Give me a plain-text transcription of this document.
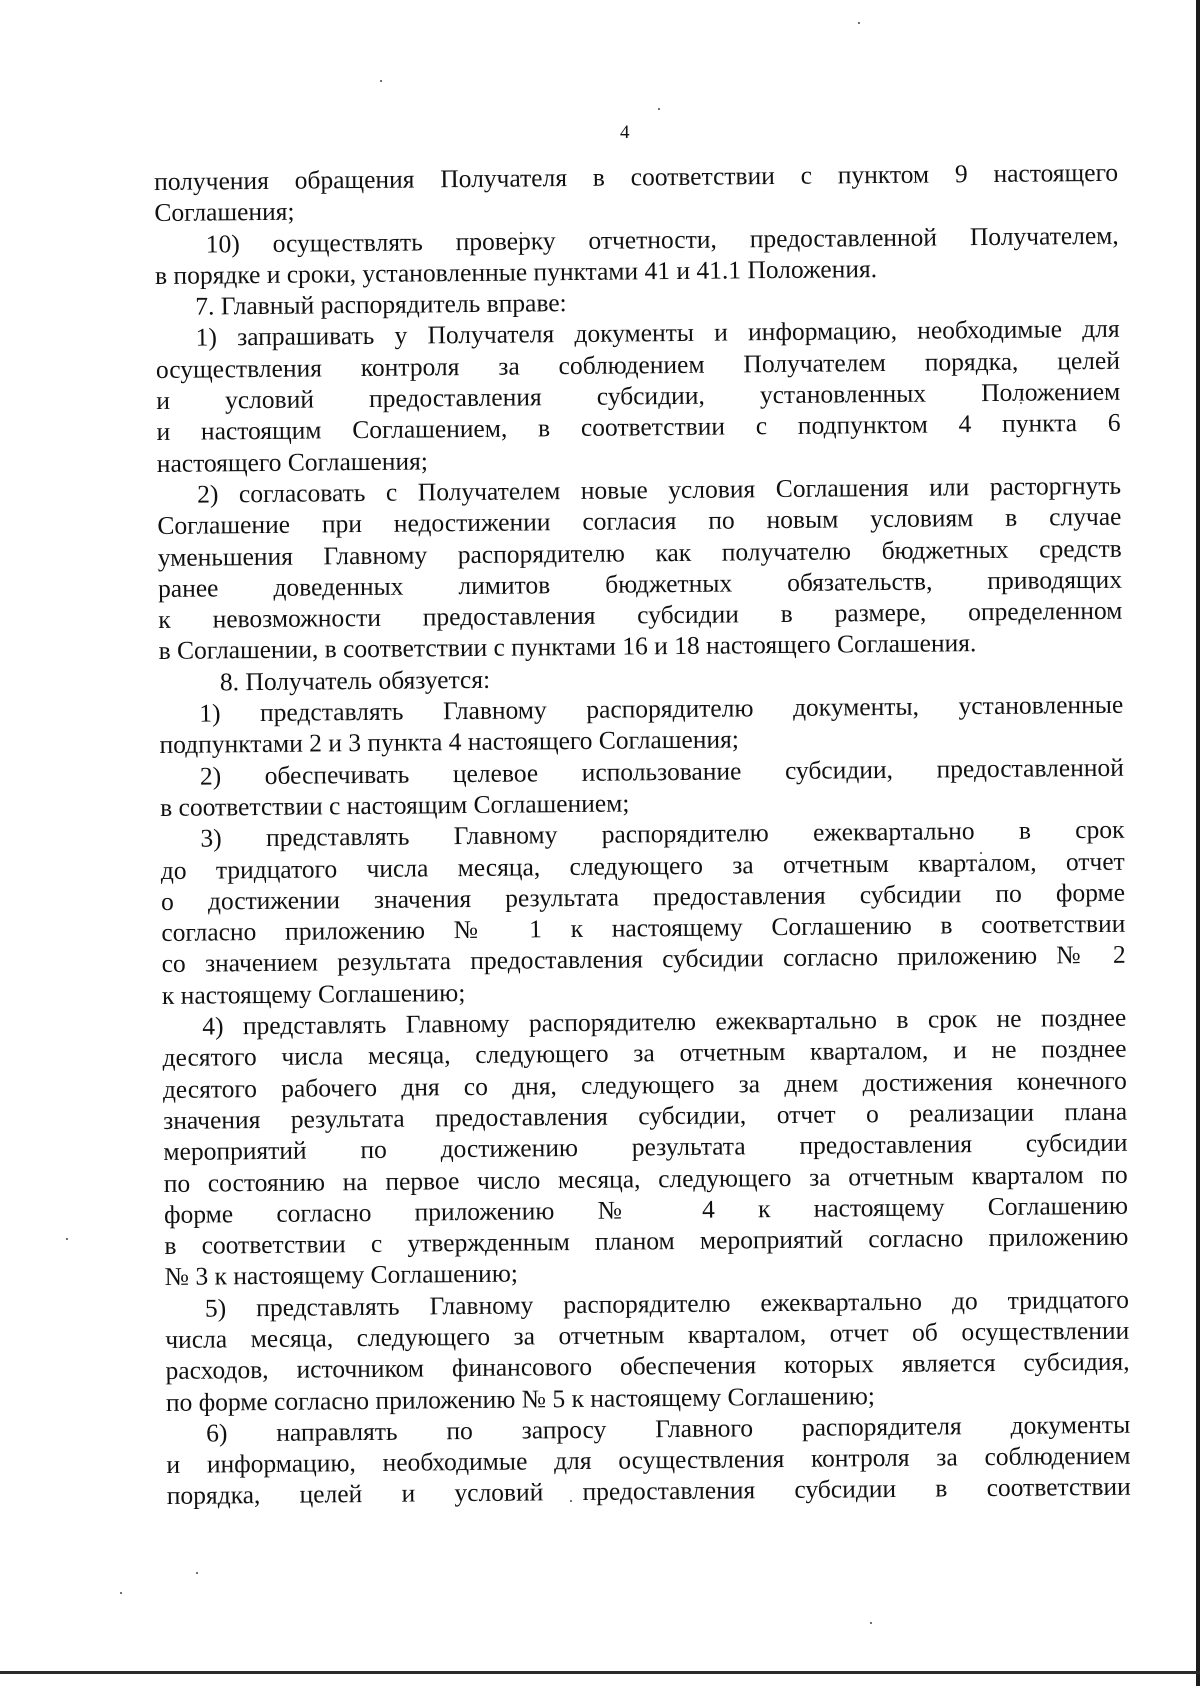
4
получения обращения Получателя в соответствии с пунктом 9 настоящего
Соглашения;
10) осуществлять проверку отчетности, предоставленной Получателем,
в порядке и сроки, установленные пунктами 41 и 41.1 Положения.
7. Главный распорядитель вправе:
1) запрашивать у Получателя документы и информацию, необходимые для
осуществления контроля за соблюдением Получателем порядка, целей
и условий предоставления субсидии, установленных Положением
и настоящим Соглашением, в соответствии с подпунктом 4 пункта 6
настоящего Соглашения;
2) согласовать с Получателем новые условия Соглашения или расторгнуть
Соглашение при недостижении согласия по новым условиям в случае
уменьшения Главному распорядителю как получателю бюджетных средств
ранее доведенных лимитов бюджетных обязательств, приводящих
к невозможности предоставления субсидии в размере, определенном
в Соглашении, в соответствии с пунктами 16 и 18 настоящего Соглашения.
8. Получатель обязуется:
1) представлять Главному распорядителю документы, установленные
подпунктами 2 и 3 пункта 4 настоящего Соглашения;
2) обеспечивать целевое использование субсидии, предоставленной
в соответствии с настоящим Соглашением;
3) представлять Главному распорядителю ежеквартально в срок
до тридцатого числа месяца, следующего за отчетным кварталом, отчет
о достижении значения результата предоставления субсидии по форме
согласно приложению № 1 к настоящему Соглашению в соответствии
со значением результата предоставления субсидии согласно приложению № 2
к настоящему Соглашению;
4) представлять Главному распорядителю ежеквартально в срок не позднее
десятого числа месяца, следующего за отчетным кварталом, и не позднее
десятого рабочего дня со дня, следующего за днем достижения конечного
значения результата предоставления субсидии, отчет о реализации плана
мероприятий по достижению результата предоставления субсидии
по состоянию на первое число месяца, следующего за отчетным кварталом по
форме согласно приложению № 4 к настоящему Соглашению
в соответствии с утвержденным планом мероприятий согласно приложению
№ 3 к настоящему Соглашению;
5) представлять Главному распорядителю ежеквартально до тридцатого
числа месяца, следующего за отчетным кварталом, отчет об осуществлении
расходов, источником финансового обеспечения которых является субсидия,
по форме согласно приложению № 5 к настоящему Соглашению;
6) направлять по запросу Главного распорядителя документы
и информацию, необходимые для осуществления контроля за соблюдением
порядка, целей и условий предоставления субсидии в соответствии
